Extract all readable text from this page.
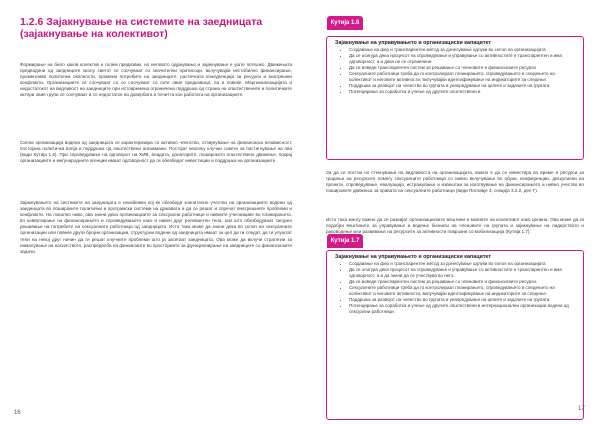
1.2.6 Зајакнување на системите на заедницата (зајакнување на колективот)

Формирање на било каков колектив е голем предизвик, но неговото одржување и зајакнување е уште потешко. Движењата предводени од заедниците околу светот се соочуваат со значителни притисоци, вклучувајќи нестабилно финансирање, променливи политички околности, промени потребите на заедниците, растечката конкуренција за ресурси и внатрешни конфликти. Организациите се соочуваат со се соочуваат со сите овие предизвици, па и повеќе. Маргинализацијата и недостатокот на видливост на заедниците при истовремена ограничена поддршка од страна на општествените и политичките актери овие групи се соочуваат и со недостаток на довербата и почитта кон работата на организациите.

Силна организација водена од заедницата се карактеризира со активно членство, отзвукување на финансиска независност, постојана политичка волја и поддршка од општествени ангажмани. Постојат неколку клучни совети за постигнување на ова (види Кутија 1.6). При спроведување на одговорот на ХИВ, владата, донаторите, поширокото општествено движење, покрај организациите и меѓународните агенции имаат одговорност да ги обезбедат инвестиции и поддршка на организациите.

Зајакнувањето на системите на заедницата е неизбежен кој ќе обезбеди значително учество на организациите водени од заедницата во пошироките политички и програмски системи на државата и да се решат и спречат внатрешните проблеми и конфликти. На локално ниво, ова значи дека организациите за сексуални работници и нивните учеснициве во планирањето, во ковертирање на финансирањето и спроведувањето како и нивен друг релевантен тела, кои што обезбедуваат сигурно решавање на потребите на сексуалните работници од заедницата. Исто така може да значи дека во склоп на сексуалните организации или повеќе други бројни организации, структурни водени од заедницата имаат за цел да ги следат, да ги улуштат тели на некој друг начин да ги решат клучните проблеми што ја засегаат заедницата. Ова може да вклучи стратегии за намалување на насилството, распределба на финансиите во просториите за функционирање на заедниците со финансиските задачи.

16
Кутија 1.6

Зајакнување на управувањето и организациски капацитет

• Создавање на фер и транспарентен метод за донесување одлуки во склоп на организацијата
• Да се осигура дека процесот на спроведување и управување со активностите е транспарентен и има одговорност, а и дека не се ограничени
• Да се воведе транспарентен систем за решавање со членовите и финансиските ресурси
• Сексуалните работници треба да го контролираат планирањето, спроведувањето и следењето на колективот и неговите активности, вклучувајќи идентификување на индикаторите за следење.
• Поддршка за развојот на членство во групата и унапредување на целите и задачите на групата
• Потенцирање за соработка и учење од другите општествени и

За да се постои но стекнување на видливоста на организацијата, важно е да се инвестира во време и ресурси за градење на ресурсите помеѓу сексуалните работници со нивно вклучување во обуки, конференции, дискусиони на проекти, спроведување, евалуација, истражување и извештаи за изготвување на финансирањето и нивно учество во пошироките движења за правата на сексуалните работници (види Поглавје 3, секција 3.2.2, дел Г).

Исто така многу важно да се развијат организациските вештини и моќните на колективот како целина. Ова може да ги подобри вештините за управување и водење бизниси на членовите на групата и зајакнување на лидерството и раководење или развивање на ресурсите за активности поврзани со мобилизација (Кутија 1.7).

Кутија 1.7

Зајакнување на управувањето и организациски капацитет

• Создавање на фер и транспарентен метод за донесување одлуки во склоп на организацијата
• Да се осигура дека процесот на спроведување и управување со активностите е транспарентен и има одговорност, а и да значи да се учествува во него.
• Да се воведе транспарентен систем за решавање со членовите и финансиските ресурси.
• Сексуалните работници треба да го контролираат планирањето, спроведувањето и следењето на колективот и неговите активности, вклучувајќи идентификување на индикаторите за следење.
• Поддршка за развојот на членство во групата и унапредување на целите и задачите на групата.
• Потенцирање за соработка и учење од другите општествени и интернационални организации водени од сексуални работници
17
